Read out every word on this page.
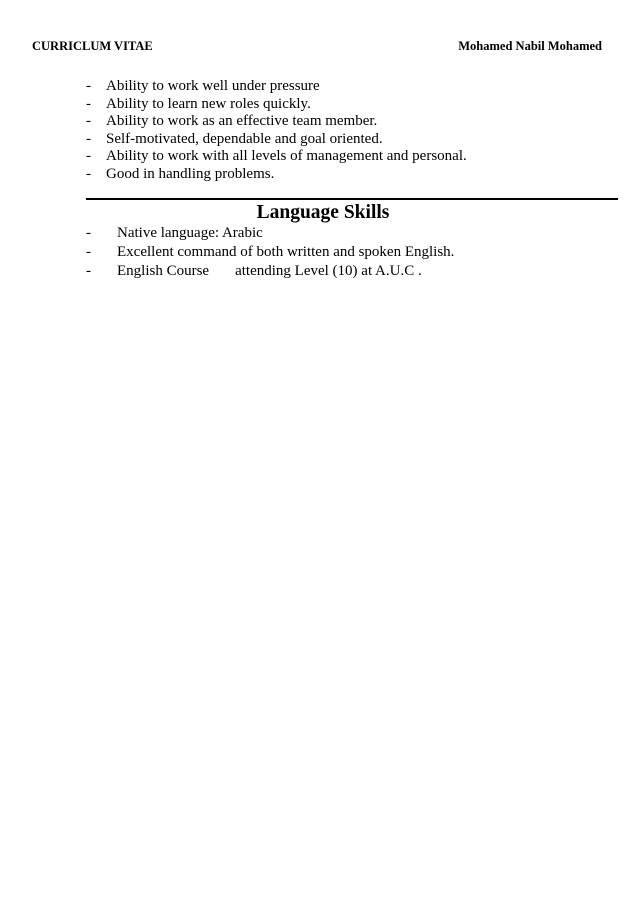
CURRICLUM VITAE	Mohamed Nabil Mohamed
- Ability to work well under pressure
- Ability to learn new roles quickly.
- Ability to work as an effective team member.
- Self-motivated, dependable and goal oriented.
- Ability to work with all levels of management and personal.
- Good in handling problems.
Language Skills
- Native language: Arabic
- Excellent command of both written and spoken English.
- English Course attending Level (10) at A.U.C .
